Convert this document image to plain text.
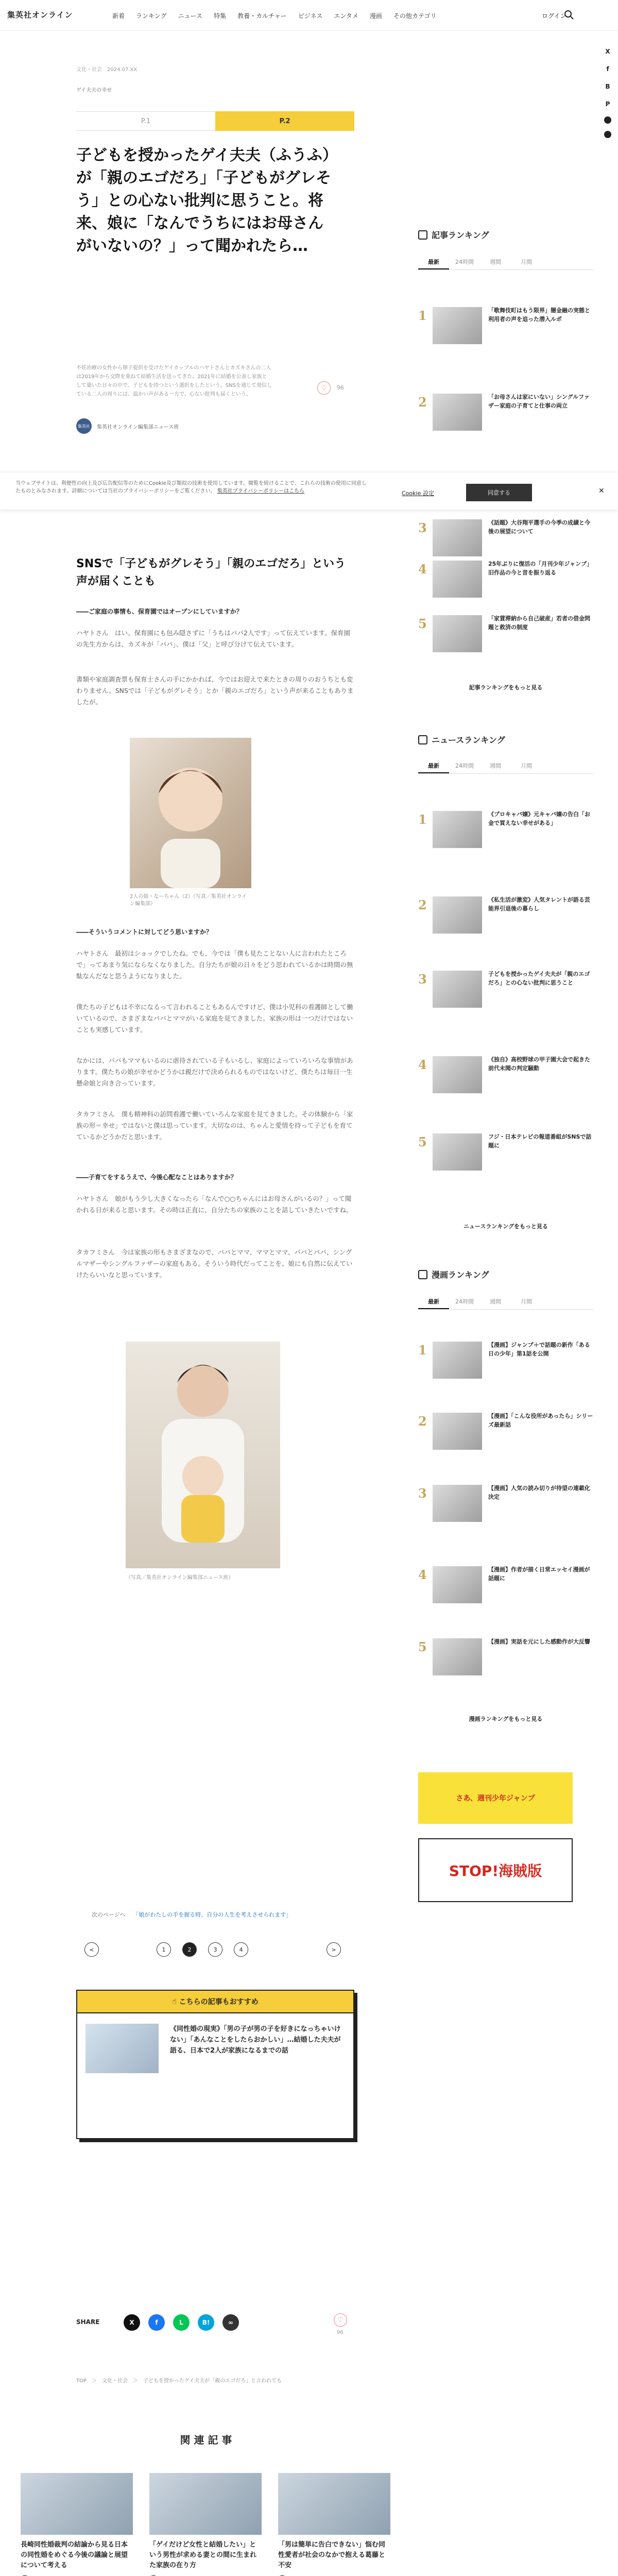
集英社オンライン	新着 ランキング ニュース 特集 教養・カルチャー ビジネス エンタメ 漫画 その他カテゴリ	ログイン
X
f
B
P
文化・社会　2024.07.XX
ゲイ夫夫の幸せ
P.1	P.2
子どもを授かったゲイ夫夫（ふうふ）が「親のエゴだろ」「子どもがグレそう」との心ない批判に思うこと。将来、娘に「なんでうちにはお母さんがいないの？」って聞かれたら…
不妊治療の女性から卵子提供を受けたゲイカップルのハヤトさんとカズキさんの二人は2019年から交際を重ねて結婚生活を送ってきた。2021年に結婚を公表し家族として築いた日々の中で、子どもを持つという選択をしたという。SNSを通じて発信している二人の周りには、温かい声がある一方で、心ない批判も届くという。
♡	96
集英社	集英社オンライン編集部ニュース班
当ウェブサイトは、利便性の向上及び広告配信等のためにCookie及び類似の技術を使用しています。閲覧を続けることで、これらの技術の使用に同意したものとみなされます。詳細については当社のプライバシーポリシーをご覧ください。 集英社プライバシーポリシーはこちら	Cookie 設定	同意する	✕
SNSで「子どもがグレそう」「親のエゴだろ」という声が届くことも
――ご家庭の事情も、保育園ではオープンにしていますか？
ハヤトさん　はい。保育園にも包み隠さずに「うちはパパ2人です」って伝えています。保育園の先生方からは、カズキが「パパ」、僕は「父」と呼び分けて伝えています。
書類や家庭調査票も保育士さんの手にかかれば、今ではお迎えで来たときの周りのおうちとも変わりません。SNSでは「子どもがグレそう」とか「親のエゴだろ」という声が来ることもありましたが。
2人の娘・なーちゃん（2）（写真／集英社オンライン編集部）
――そういうコメントに対してどう思いますか？
ハヤトさん　最初はショックでしたね。でも、今では「僕も見たことない人に言われたところで」ってあまり気にならなくなりました。自分たちが娘の日々をどう思われているかは時間の無駄なんだなと思うようになりました。
僕たちの子どもは不幸になるって言われることもあるんですけど、僕は小児科の看護師として働いているので、さまざまなパパとママがいる家庭を見てきました。家族の形は一つだけではないことも実感しています。
なかには、パパもママもいるのに虐待されている子もいるし、家庭によっていろいろな事情があります。僕たちの娘が幸せかどうかは親だけで決められるものではないけど、僕たちは毎日一生懸命娘と向き合っています。
タカフミさん　僕も精神科の訪問看護で働いていろんな家庭を見てきました。その体験から「家族の形＝幸せ」ではないと僕は思っています。大切なのは、ちゃんと愛情を持って子どもを育てているかどうかだと思います。
――子育てをするうえで、今後心配なことはありますか？
ハヤトさん　娘がもう少し大きくなったら「なんで○○ちゃんにはお母さんがいるの？」って聞かれる日が来ると思います。その時は正直に、自分たちの家族のことを話していきたいですね。
タカフミさん　今は家族の形もさまざまなので、パパとママ、ママとママ、パパとパパ、シングルマザーやシングルファザーの家庭もある。そういう時代だってことを、娘にも自然に伝えていけたらいいなと思っています。
（写真／集英社オンライン編集部ニュース班）
次のページへ　 「娘がわたしの手を握る時、自分の人生を考えさせられます」
<	1	2	3	4	>
☝
こちらの記事もおすすめ
《同性婚の現実》「男の子が男の子を好きになっちゃいけない」「あんなことをしたらおかしい」…結婚した夫夫が語る、日本で2人が家族になるまでの話
SHARE	X	f	L	B!	∞	♡
96
TOP　＞　文化・社会　＞　子どもを授かったゲイ夫夫が「親のエゴだろ」と言われても
関 連 記 事
長崎同性婚裁判の結論から見る日本の同性婚をめぐる今後の議論と展望について考える
「ゲイだけど女性と結婚したい」という男性が求める妻との間に生まれた家族の在り方
「男は簡単に告白できない」悩む同性愛者が社会のなかで抱える葛藤と不安
記事ランキング
最新	24時間	週間	月間
1	「歌舞伎町はもう限界」闇金融の実態と利用者の声を追った潜入ルポ
2	「お母さんは家にいない」シングルファザー家庭の子育てと仕事の両立
3	《話題》大谷翔平選手の今季の成績と今後の展望について
4	25年ぶりに復活の「月刊少年ジャンプ」旧作品の今と昔を振り返る
5	「家賃滞納から自己破産」若者の借金問題と救済の制度
記事ランキングをもっと見る
ニュースランキング
最新	24時間	週間	月間
1	《プロキャバ嬢》元キャバ嬢の告白「お金で買えない幸せがある」
2	《私生活が激変》人気タレントが語る芸能界引退後の暮らし
3	子どもを授かったゲイ夫夫が「親のエゴだろ」との心ない批判に思うこと
4	《独自》高校野球の甲子園大会で起きた前代未聞の判定騒動
5	フジ・日本テレビの報道番組がSNSで話題に
ニュースランキングをもっと見る
漫画ランキング
最新	24時間	週間	月間
1	【漫画】ジャンプ＋で話題の新作「ある日の少年」第1話を公開
2	【漫画】「こんな役所があったら」シリーズ最新話
3	【漫画】人気の読み切りが待望の連載化決定
4	【漫画】作者が描く日常エッセイ漫画が話題に
5	【漫画】実話を元にした感動作が大反響
漫画ランキングをもっと見る
さあ、週刊少年ジャンプ
STOP!海賊版
